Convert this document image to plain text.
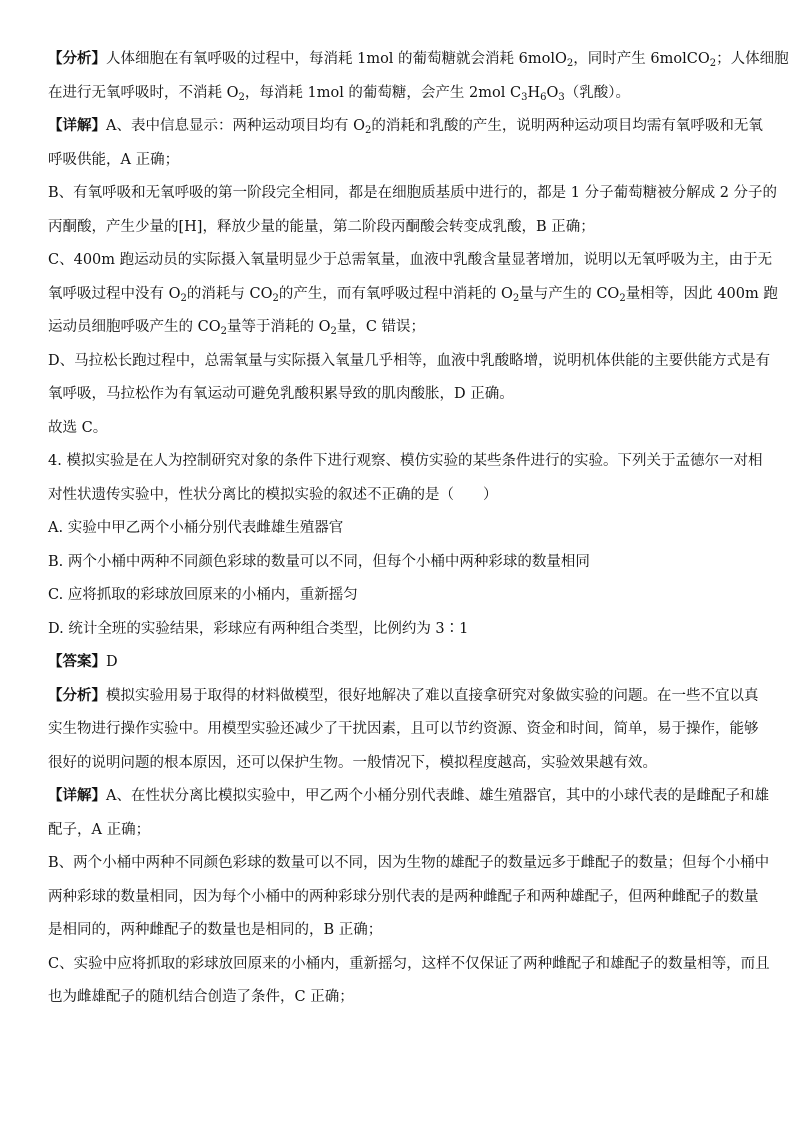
【分析】人体细胞在有氧呼吸的过程中，每消耗 1mol 的葡萄糖就会消耗 6molO$_2$，同时产生 6molCO$_2$；人体细胞

在进行无氧呼吸时，不消耗 $O_2$，每消耗 1mol 的葡萄糖，会产生 2mol $C_3H_6O_3$（乳酸）。

【详解】A、表中信息显示：两种运动项目均有 $O_2$的消耗和乳酸的产生，说明两种运动项目均需有氧呼吸和无氧

呼吸供能，A 正确；

B、有氧呼吸和无氧呼吸的第一阶段完全相同，都是在细胞质基质中进行的，都是 1 分子葡萄糖被分解成 2 分子的

丙酮酸，产生少量的[H]，释放少量的能量，第二阶段丙酮酸会转变成乳酸，B 正确；

C、400m 跑运动员的实际摄入氧量明显少于总需氧量，血液中乳酸含量显著增加，说明以无氧呼吸为主，由于无

氧呼吸过程中没有 $O_2$的消耗与 $CO_2$的产生，而有氧呼吸过程中消耗的 $O_2$量与产生的 $CO_2$量相等，因此 400m 跑

运动员细胞呼吸产生的 $CO_2$量等于消耗的 $O_2$量，C 错误；

D、马拉松长跑过程中，总需氧量与实际摄入氧量几乎相等，血液中乳酸略增，说明机体供能的主要供能方式是有

氧呼吸，马拉松作为有氧运动可避免乳酸积累导致的肌肉酸胀，D 正确。

故选 C。

4. 模拟实验是在人为控制研究对象的条件下进行观察、模仿实验的某些条件进行的实验。下列关于孟德尔一对相

对性状遗传实验中，性状分离比的模拟实验的叙述不正确的是（　　）

A. 实验中甲乙两个小桶分别代表雌雄生殖器官

B. 两个小桶中两种不同颜色彩球的数量可以不同，但每个小桶中两种彩球的数量相同

C. 应将抓取的彩球放回原来的小桶内，重新摇匀

D. 统计全班的实验结果，彩球应有两种组合类型，比例约为 3∶1

【答案】D

【分析】模拟实验用易于取得的材料做模型，很好地解决了难以直接拿研究对象做实验的问题。在一些不宜以真

实生物进行操作实验中。用模型实验还减少了干扰因素，且可以节约资源、资金和时间，简单，易于操作，能够

很好的说明问题的根本原因，还可以保护生物。一般情况下，模拟程度越高，实验效果越有效。

【详解】A、在性状分离比模拟实验中，甲乙两个小桶分别代表雌、雄生殖器官，其中的小球代表的是雌配子和雄

配子，A 正确；

B、两个小桶中两种不同颜色彩球的数量可以不同，因为生物的雄配子的数量远多于雌配子的数量；但每个小桶中

两种彩球的数量相同，因为每个小桶中的两种彩球分别代表的是两种雌配子和两种雄配子，但两种雌配子的数量

是相同的，两种雌配子的数量也是相同的，B 正确；

C、实验中应将抓取的彩球放回原来的小桶内，重新摇匀，这样不仅保证了两种雌配子和雄配子的数量相等，而且

也为雌雄配子的随机结合创造了条件，C 正确；
